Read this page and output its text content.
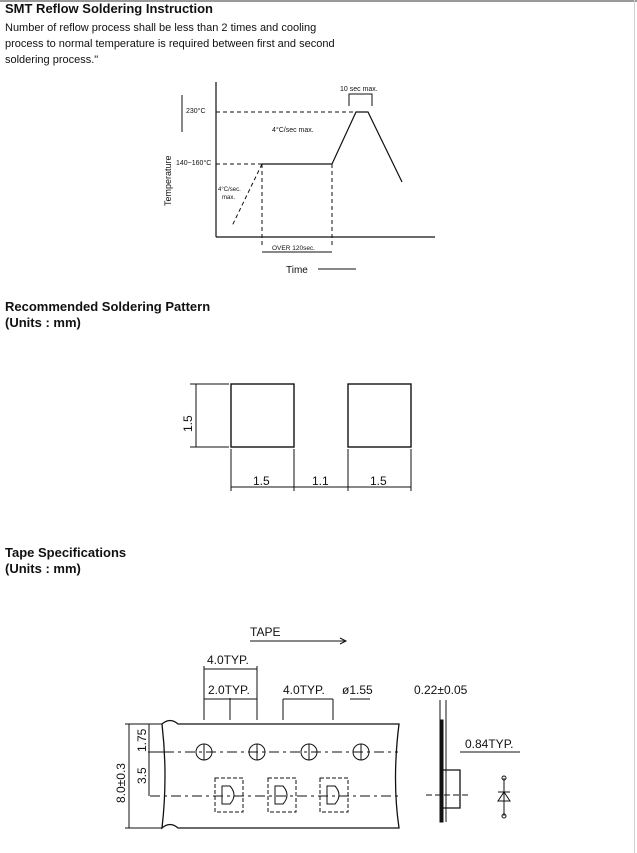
SMT Reflow Soldering Instruction

Number of reflow process shall be less than 2 times and cooling process to normal temperature is required between first and second soldering process."

10 sec max.
230°C
4°C/sec max.
140~160°C
4°C/sec. max.
OVER 120sec.
Time
Temperature
1.5
1.5	1.1	1.5
TAPE
4.0TYP.
2.0TYP.	4.0TYP. ø1.55	0.22±0.05
0.84TYP.
8.0±0.3 3.5
1.75
Recommended Soldering Pattern
(Units : mm)
Tape Specifications
(Units : mm)
